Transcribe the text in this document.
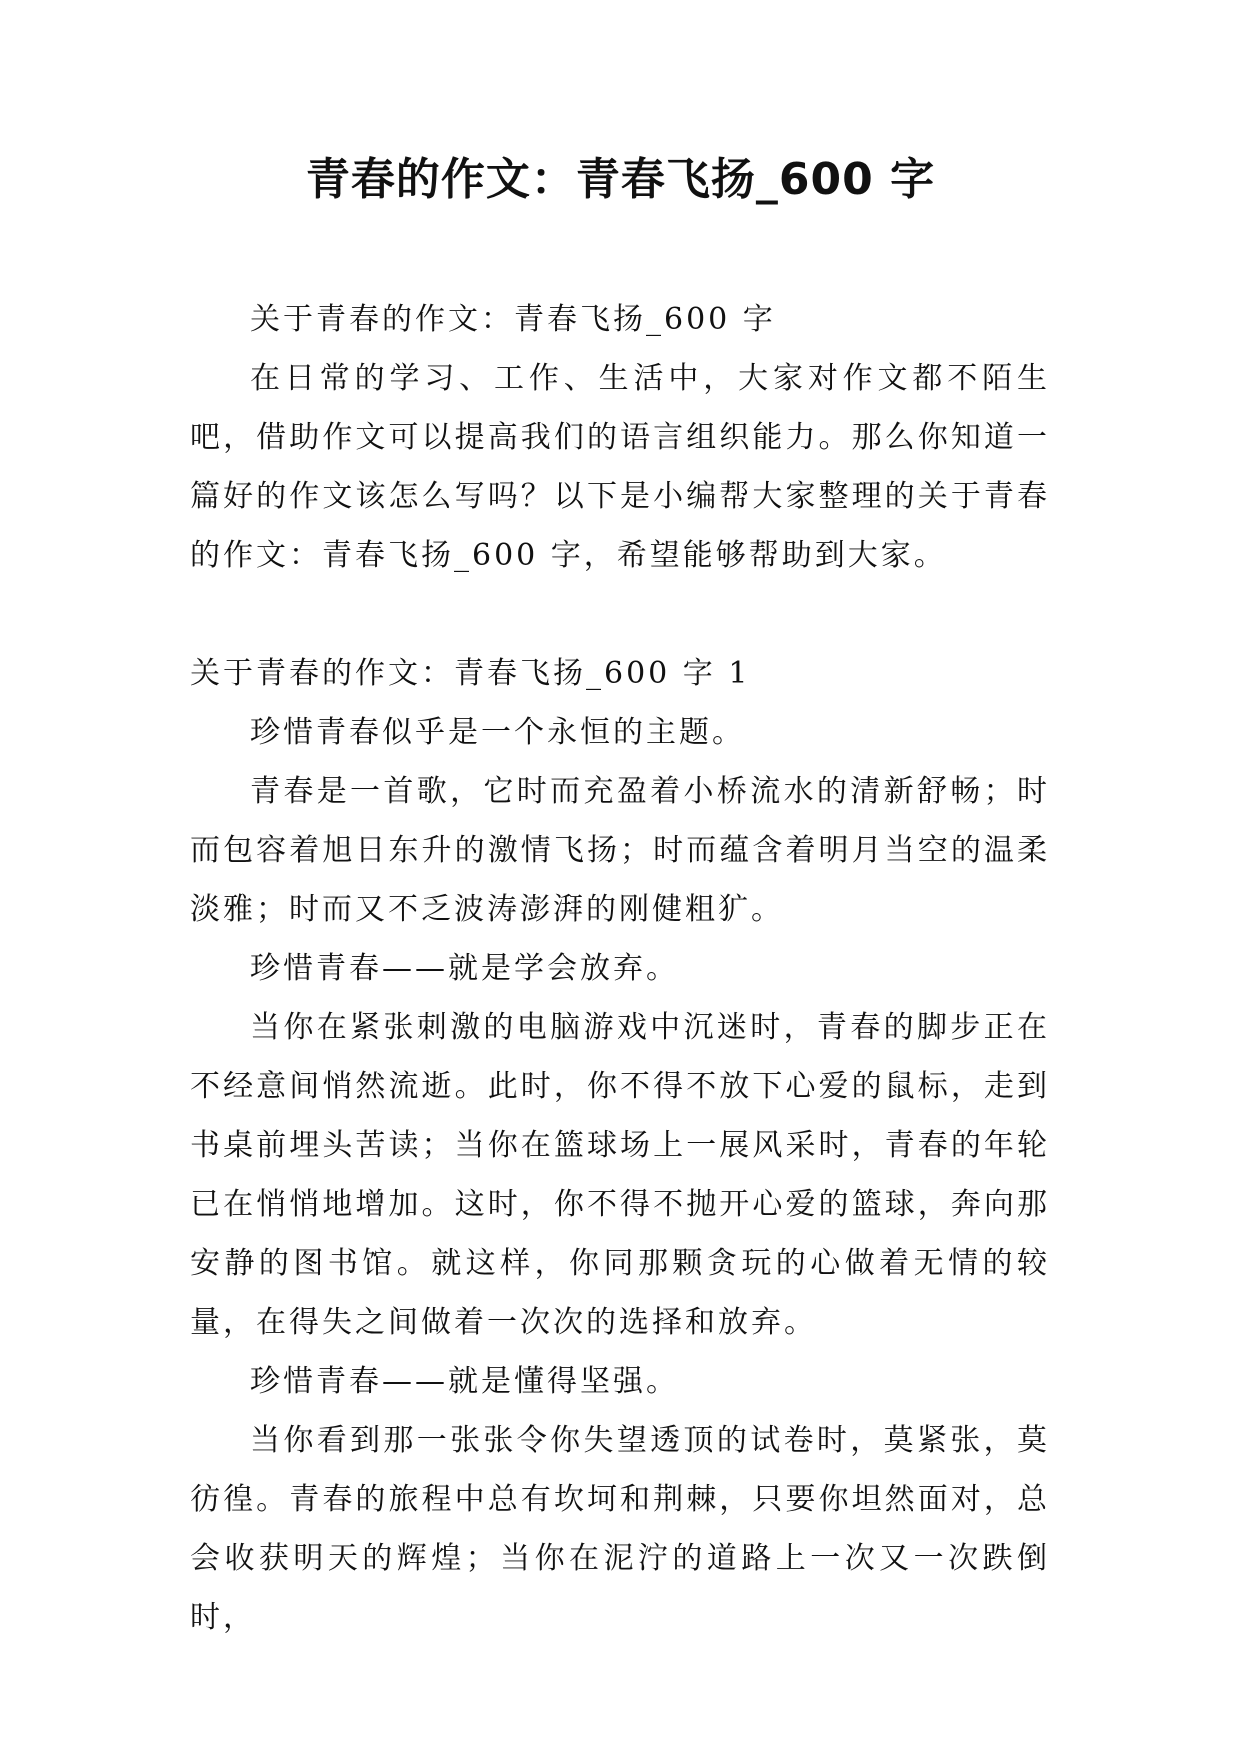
青春的作文：青春飞扬_600 字

关于青春的作文：青春飞扬_600 字

在日常的学习、工作、生活中，大家对作文都不陌生吧，借助作文可以提高我们的语言组织能力。那么你知道一篇好的作文该怎么写吗？以下是小编帮大家整理的关于青春的作文：青春飞扬_600 字，希望能够帮助到大家。

关于青春的作文：青春飞扬_600 字 1

珍惜青春似乎是一个永恒的主题。

青春是一首歌，它时而充盈着小桥流水的清新舒畅；时而包容着旭日东升的激情飞扬；时而蕴含着明月当空的温柔淡雅；时而又不乏波涛澎湃的刚健粗犷。

珍惜青春——就是学会放弃。

当你在紧张刺激的电脑游戏中沉迷时，青春的脚步正在不经意间悄然流逝。此时，你不得不放下心爱的鼠标，走到书桌前埋头苦读；当你在篮球场上一展风采时，青春的年轮已在悄悄地增加。这时，你不得不抛开心爱的篮球，奔向那安静的图书馆。就这样，你同那颗贪玩的心做着无情的较量，在得失之间做着一次次的选择和放弃。

珍惜青春——就是懂得坚强。

当你看到那一张张令你失望透顶的试卷时，莫紧张，莫彷徨。青春的旅程中总有坎坷和荆棘，只要你坦然面对，总会收获明天的辉煌；当你在泥泞的道路上一次又一次跌倒时，
